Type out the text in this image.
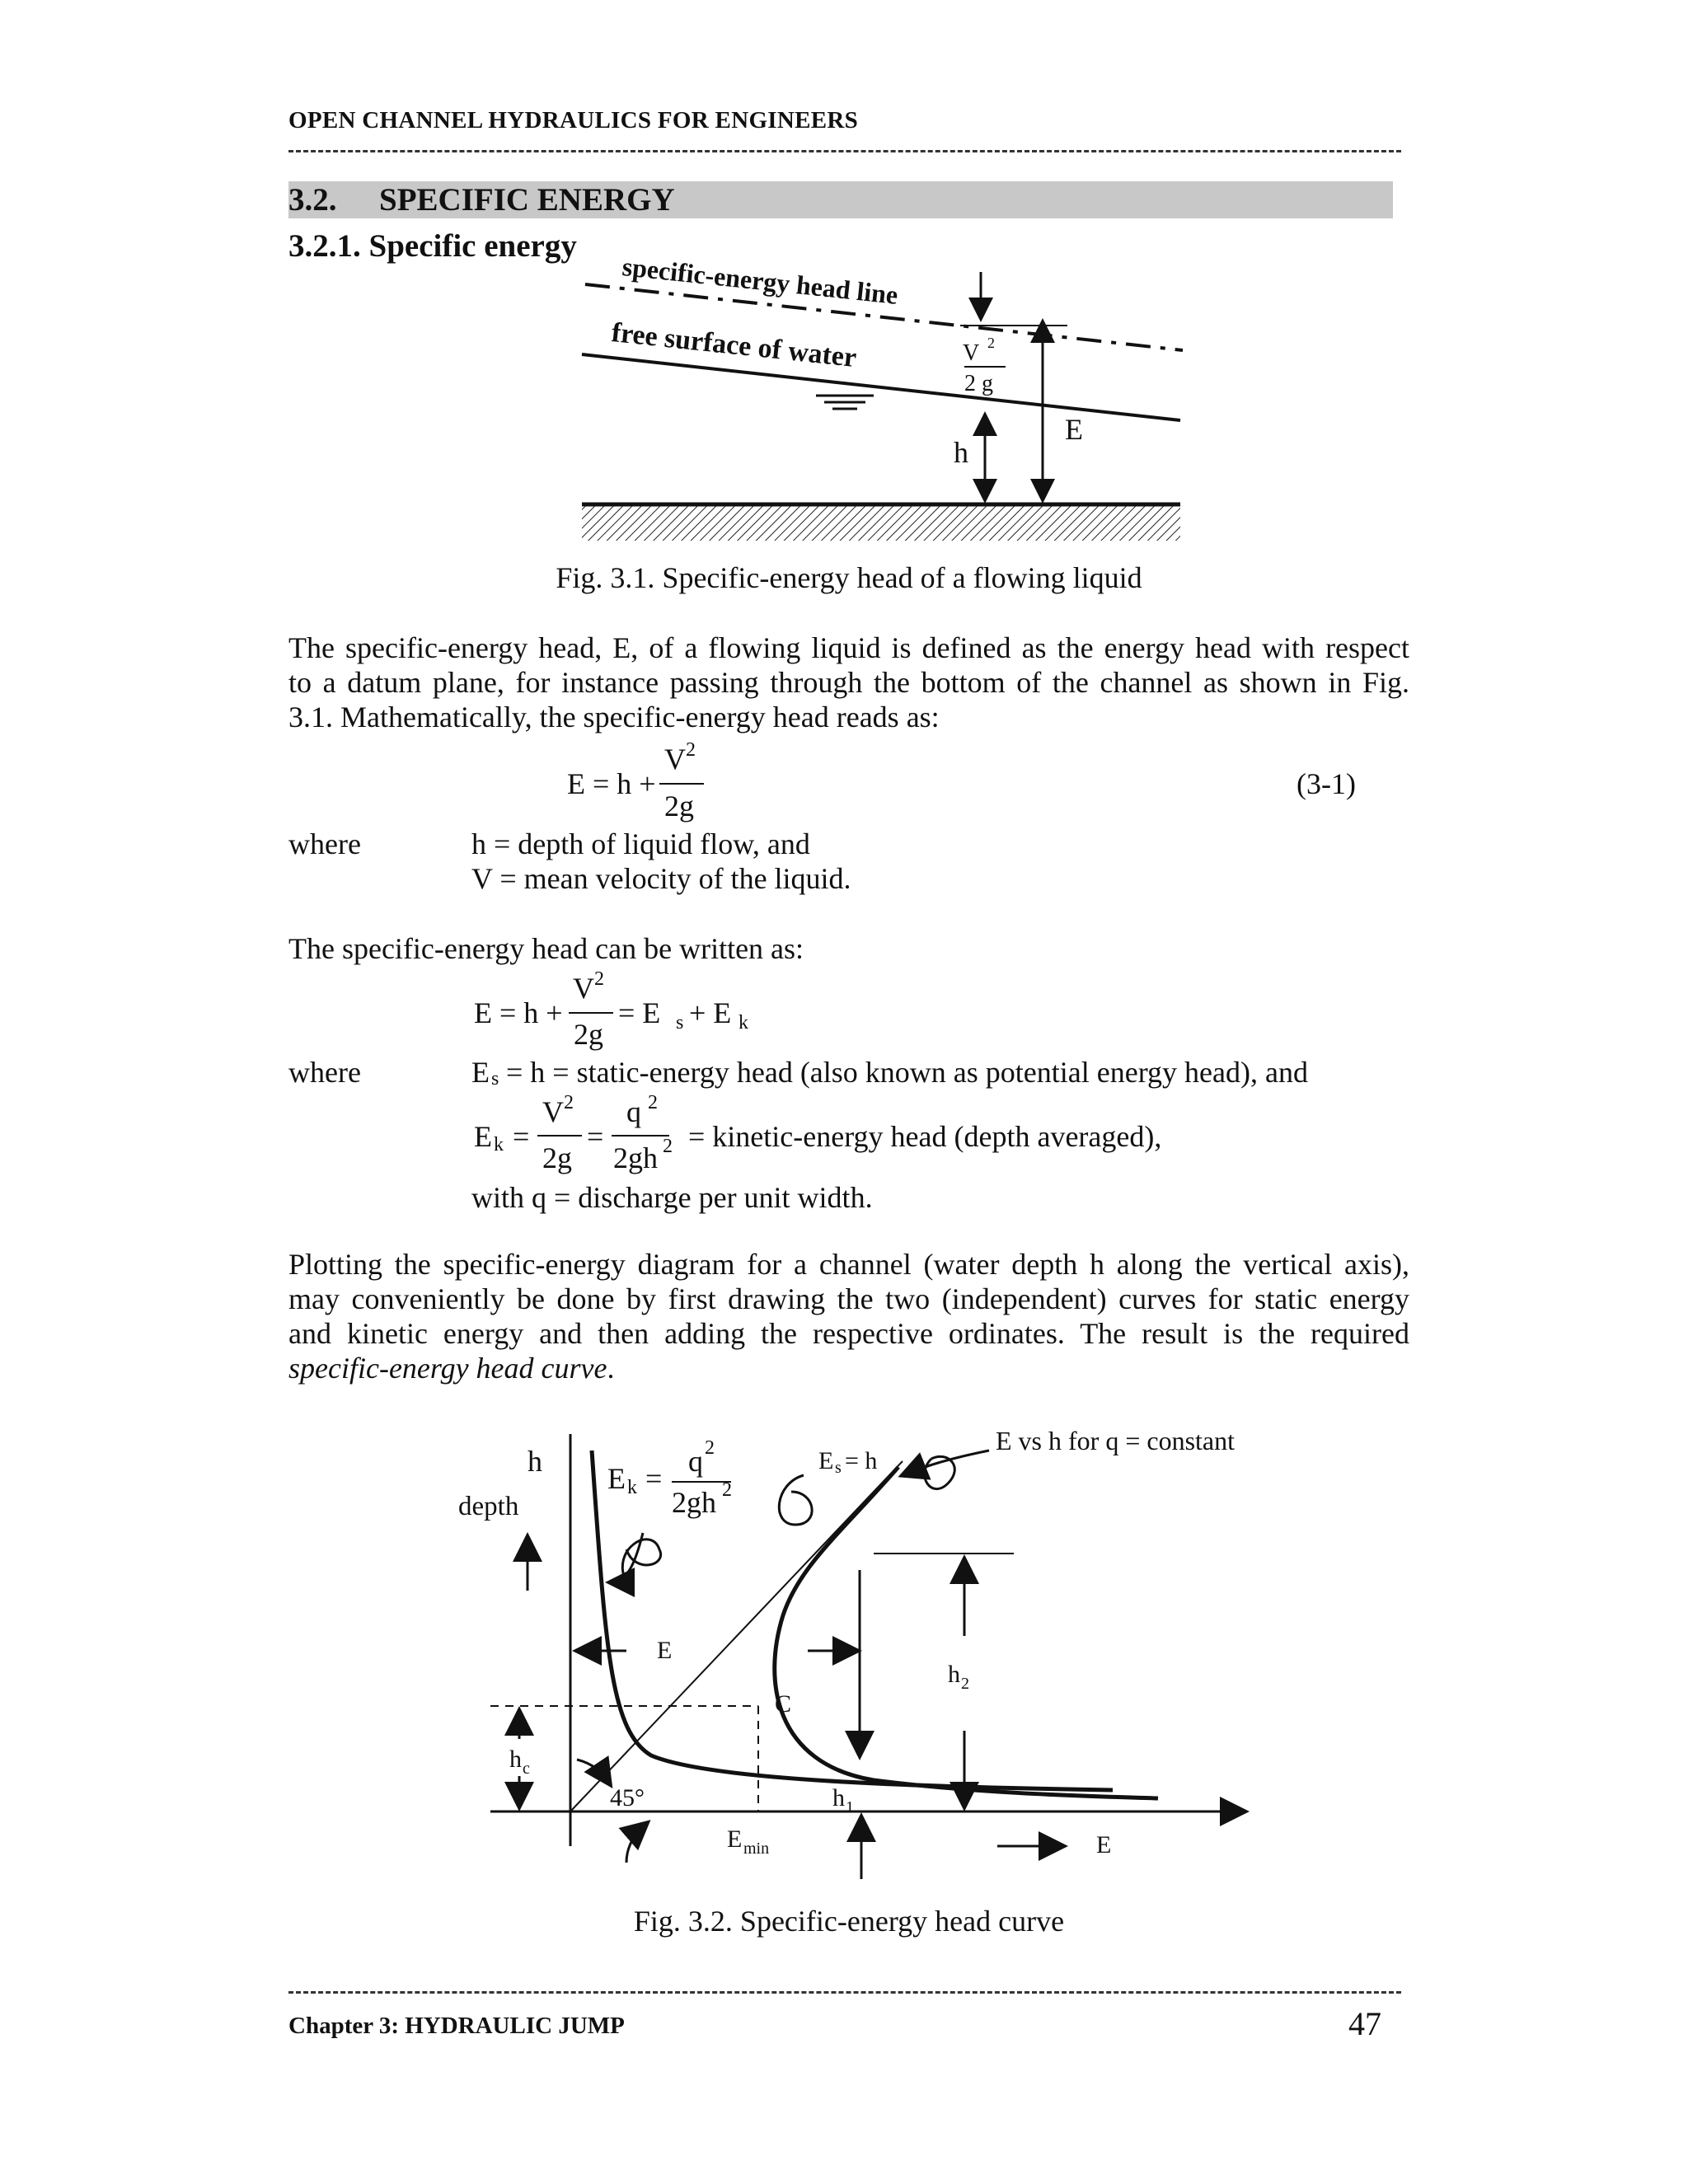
OPEN CHANNEL HYDRAULICS FOR ENGINEERS
3.2. SPECIFIC ENERGY
3.2.1. Specific energy
specific-energy head line
free surface of water	V 2
2 g
h
E
Fig. 3.1. Specific-energy head of a flowing liquid
The specific-energy head, E, of a flowing liquid is defined as the energy head with respect
to a datum plane, for instance passing through the bottom of the channel as shown in Fig.
3.1. Mathematically, the specific-energy head reads as:
E = h +
V 2
2g
(3-1)
where	h = depth of liquid flow, and
V = mean velocity of the liquid.
The specific-energy head can be written as:
E = h +
V 2
2g
= E s + E k
where	E s = h = static-energy head (also known as potential energy head), and
E k =
V 2
2g
=
q 2
2gh 2 = kinetic-energy head (depth averaged),
with q = discharge per unit width.
Plotting the specific-energy diagram for a channel (water depth h along the vertical axis),
may conveniently be done by first drawing the two (independent) curves for static energy
and kinetic energy and then adding the respective ordinates. The result is the required
specific-energy head curve.
h
depth
E k =
q 2
2gh 2
E s = h
E vs h for q = constant
E
C
h 2
h c
45°	h 1
E min	E
Fig. 3.2. Specific-energy head curve
Chapter 3: HYDRAULIC JUMP	47
